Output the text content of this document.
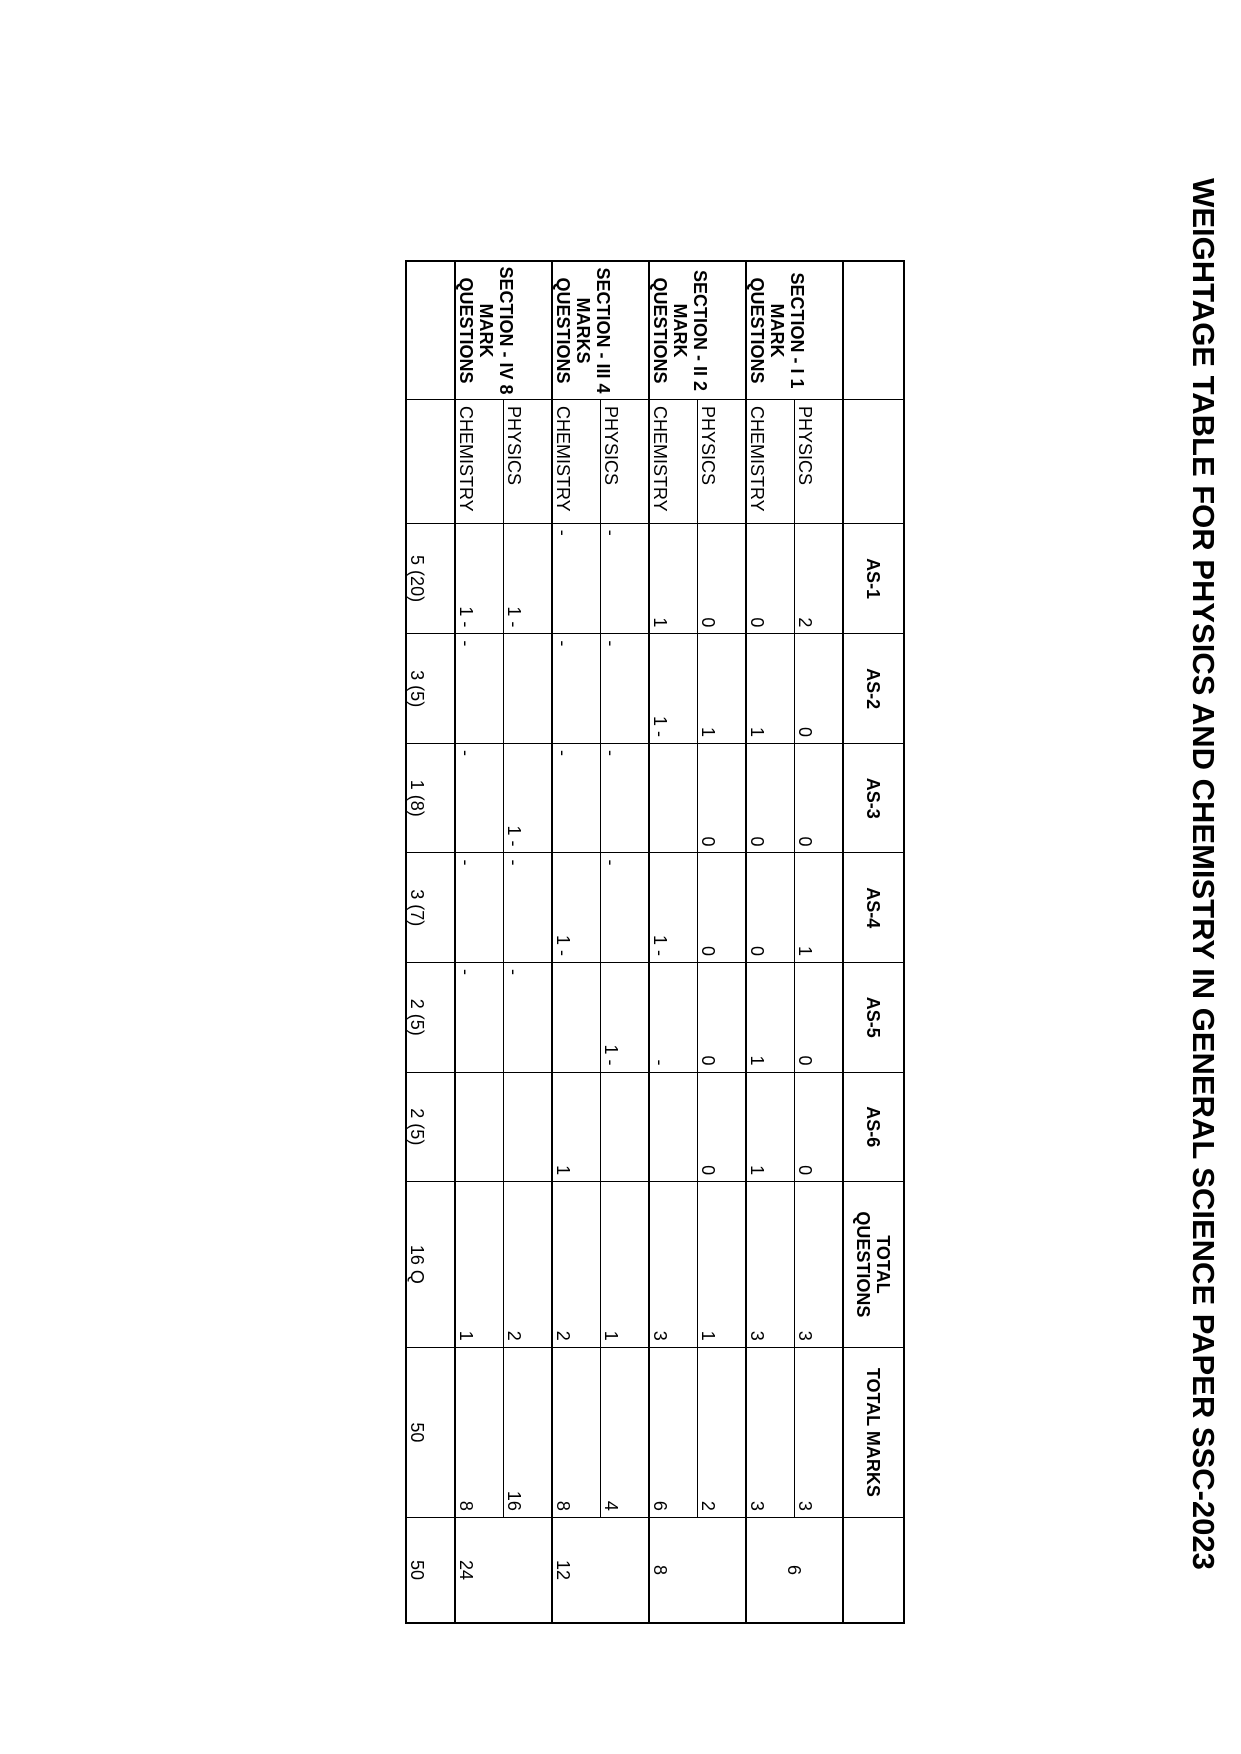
WEIGHTAGE TABLE FOR PHYSICS AND CHEMISTRY IN GENERAL SCIENCE PAPER SSC-2023
		AS-1	AS-2	AS-3	AS-4	AS-5	AS-6	TOTAL QUESTIONS	TOTAL MARKS	
SECTION - I 1 MARK QUESTIONS	PHYSICS	2	0	0	1	0	0	3	3	6
	CHEMISTRY	0	1	0	0	1	1	3	3	
SECTION - II 2 MARK QUESTIONS	PHYSICS	0	1	0	0	0	0	1	2	8
	CHEMISTRY	1	1 -		1 -	-		3	6	
SECTION - III 4 MARKS QUESTIONS	PHYSICS	-	-	-	-	1 -		1	4	12
	CHEMISTRY	-	-	-	1 -		1	2	8	
SECTION - IV 8 MARK QUESTIONS	PHYSICS	1 -		1 -	-	-		2	16	24
	CHEMISTRY	1 -	-	-	-	-		1	8	
		5 (20)	3 (5)	1 (8)	3 (7)	2 (5)	2 (5)	16 Q	50	50
